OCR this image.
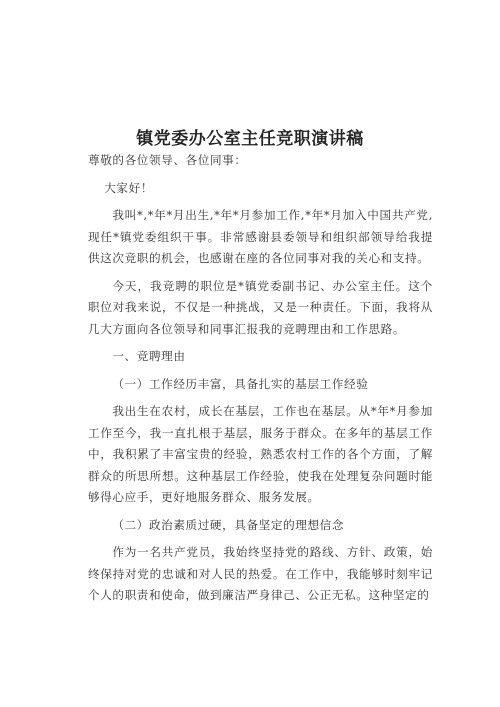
镇党委办公室主任竞职演讲稿

尊敬的各位领导、各位同事：

大家好！

我叫*,*年*月出生,*年*月参加工作,*年*月加入中国共产党,现任*镇党委组织干事。非常感谢县委领导和组织部领导给我提供这次竞职的机会，也感谢在座的各位同事对我的关心和支持。

今天，我竞聘的职位是*镇党委副书记、办公室主任。这个职位对我来说，不仅是一种挑战，又是一种责任。下面，我将从几大方面向各位领导和同事汇报我的竞聘理由和工作思路。

一、竞聘理由

（一）工作经历丰富，具备扎实的基层工作经验

我出生在农村，成长在基层，工作也在基层。从*年*月参加工作至今，我一直扎根于基层，服务于群众。在多年的基层工作中，我积累了丰富宝贵的经验，熟悉农村工作的各个方面，了解群众的所思所想。这种基层工作经验，使我在处理复杂问题时能够得心应手，更好地服务群众、服务发展。

（二）政治素质过硬，具备坚定的理想信念

作为一名共产党员，我始终坚持党的路线、方针、政策，始终保持对党的忠诚和对人民的热爱。在工作中，我能够时刻牢记个人的职责和使命，做到廉洁严身律己、公正无私。这种坚定的
